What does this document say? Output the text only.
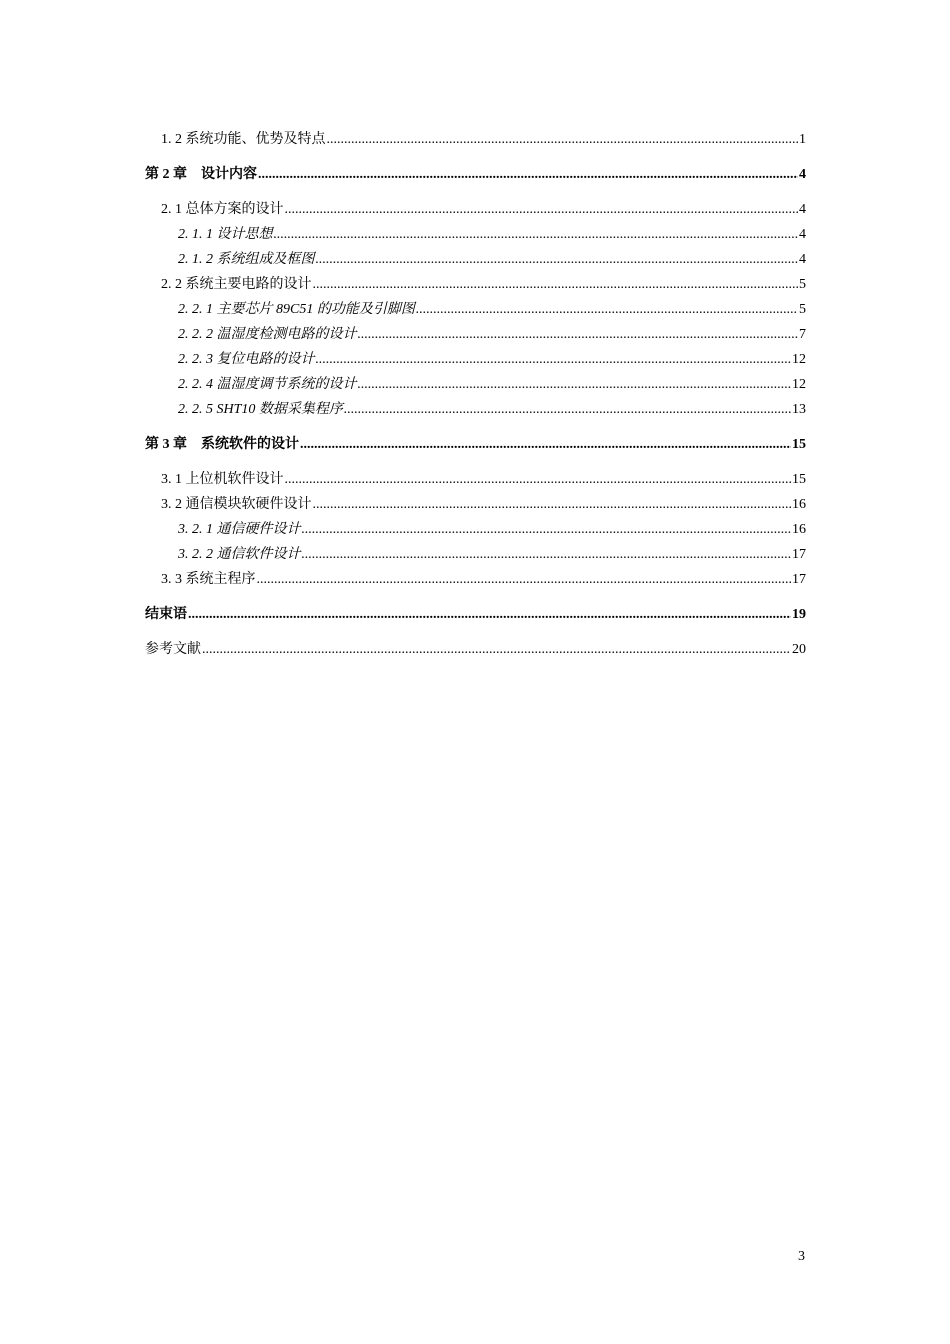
1. 2 系统功能、优势及特点 .....	1
第 2 章　设计内容 .....	4
2. 1 总体方案的设计 .....	4
2. 1. 1 设计思想 .....	4
2. 1. 2 系统组成及框图 .....	4
2. 2 系统主要电路的设计 .....	5
2. 2. 1 主要芯片 89C51 的功能及引脚图 .....	5
2. 2. 2 温湿度检测电路的设计 .....	7
2. 2. 3 复位电路的设计 .....	12
2. 2. 4 温湿度调节系统的设计 .....	12
2. 2. 5 SHT10 数据采集程序 .....	13
第 3 章　系统软件的设计 .....	15
3. 1 上位机软件设计 .....	15
3. 2 通信模块软硬件设计 .....	16
3. 2. 1 通信硬件设计 .....	16
3. 2. 2 通信软件设计 .....	17
3. 3 系统主程序 .....	17
结束语 .....	19
参考文献 .....	20
3
